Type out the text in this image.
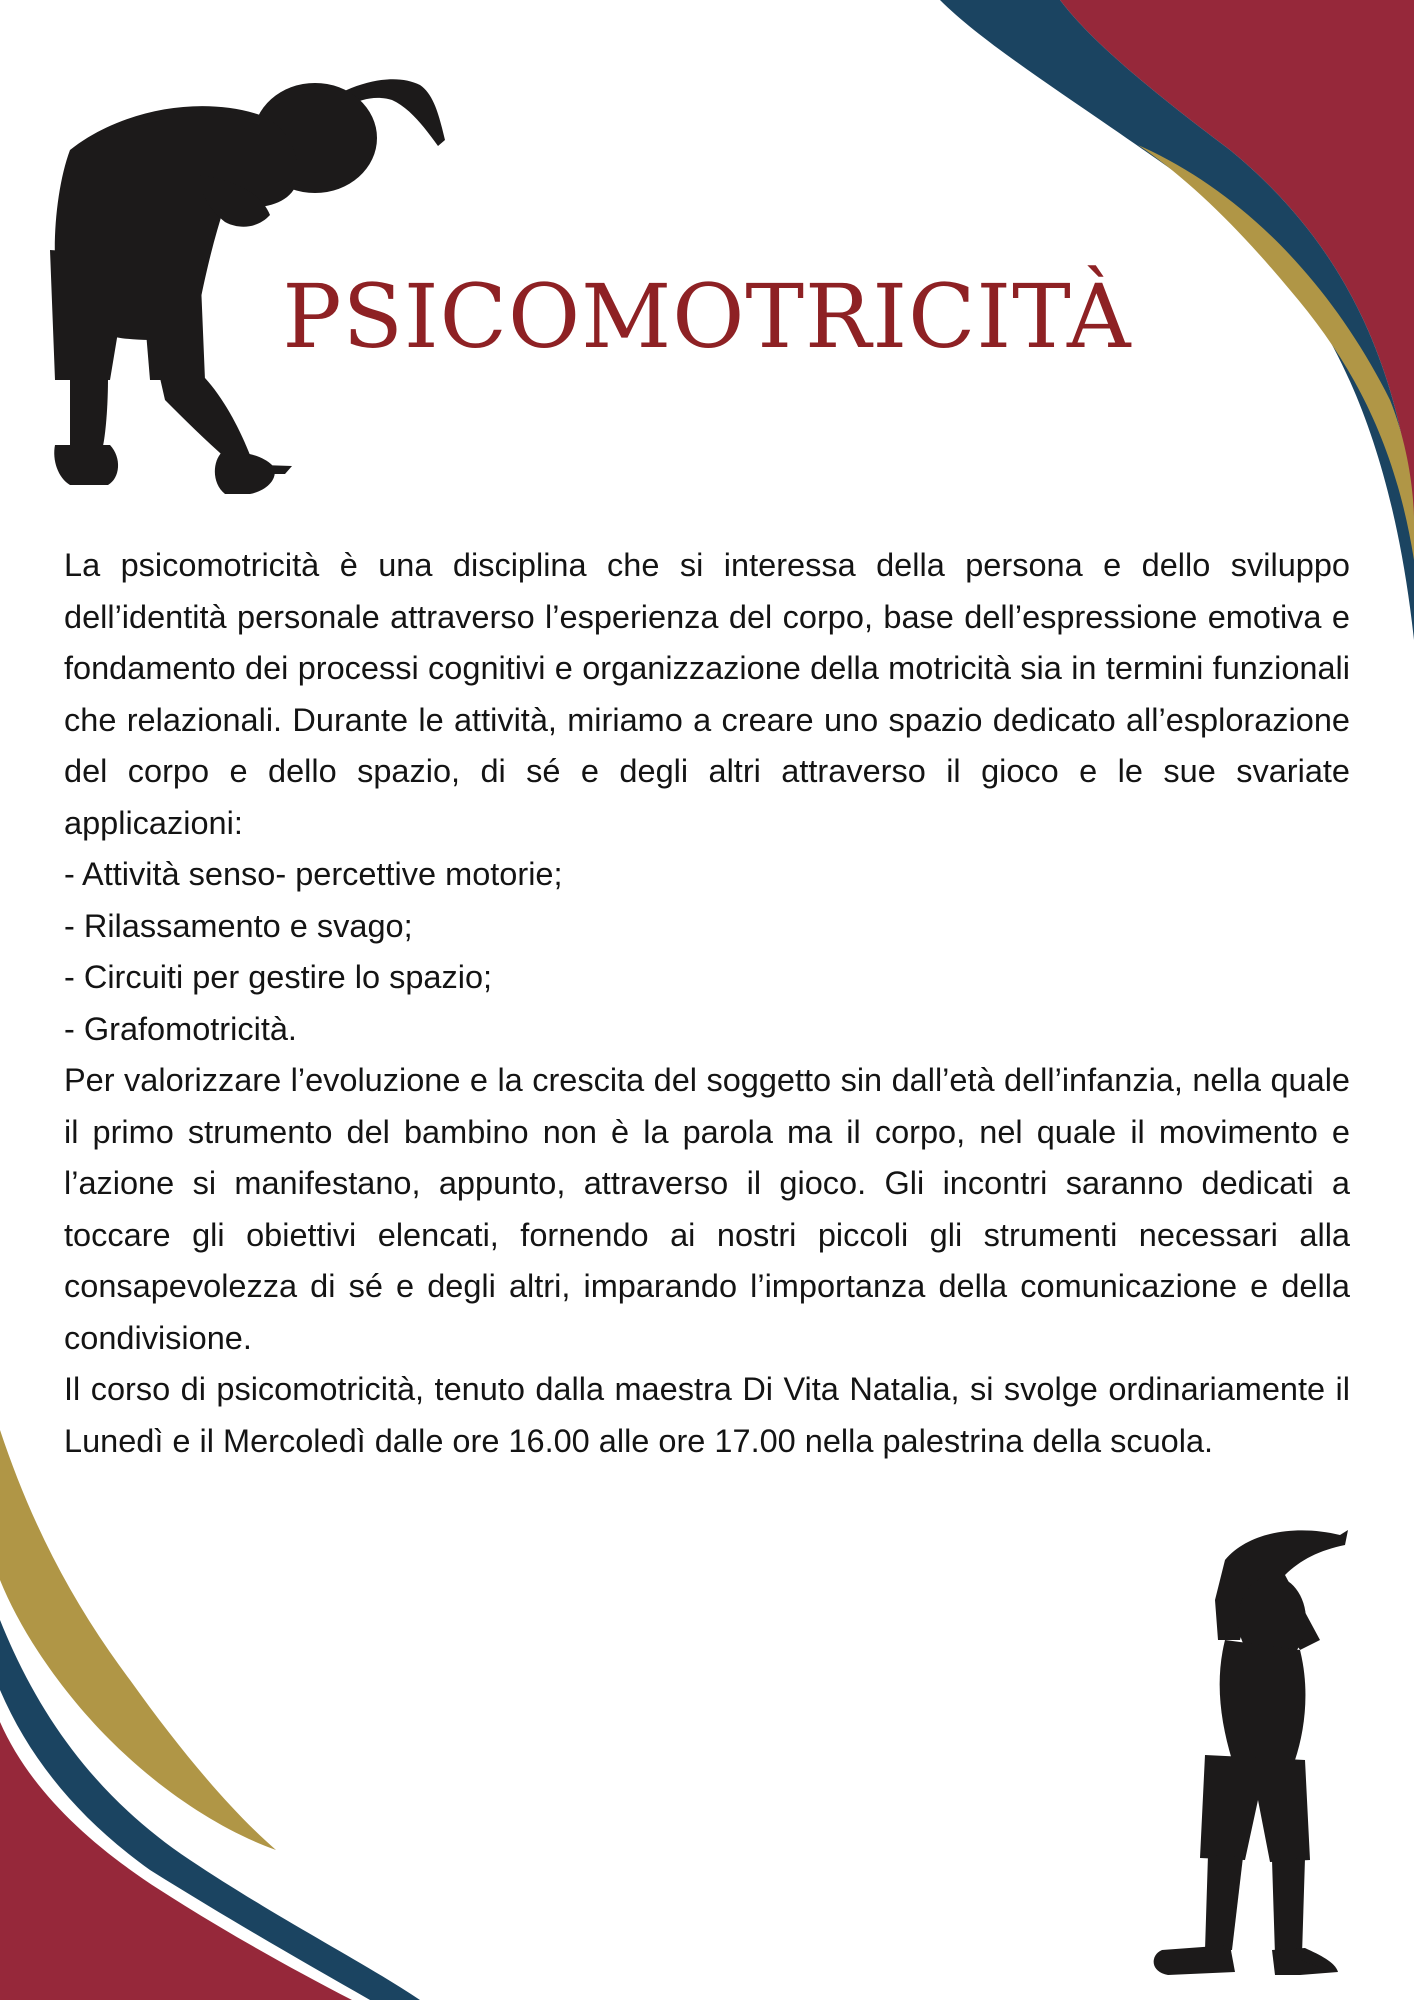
PSICOMOTRICITÀ

La psicomotricità è una disciplina che si interessa della persona e dello sviluppo dell’identità personale attraverso l’esperienza del corpo, base dell’espressione emotiva e fondamento dei processi cognitivi e organizzazione della motricità sia in termini funzionali che relazionali. Durante le attività, miriamo a creare uno spazio dedicato all’esplorazione del corpo e dello spazio, di sé e degli altri attraverso il gioco e le sue svariate applicazioni:

- Attività senso- percettive motorie;
- Rilassamento e svago;
- Circuiti per gestire lo spazio;
- Grafomotricità.

Per valorizzare l’evoluzione e la crescita del soggetto sin dall’età dell’infanzia, nella quale il primo strumento del bambino non è la parola ma il corpo, nel quale il movimento e l’azione si manifestano, appunto, attraverso il gioco. Gli incontri saranno dedicati a toccare gli obiettivi elencati, fornendo ai nostri piccoli gli strumenti necessari alla consapevolezza di sé e degli altri, imparando l’importanza della comunicazione e della condivisione.

Il corso di psicomotricità, tenuto dalla maestra Di Vita Natalia, si svolge ordinariamente il Lunedì e il Mercoledì dalle ore 16.00 alle ore 17.00 nella palestrina della scuola.
